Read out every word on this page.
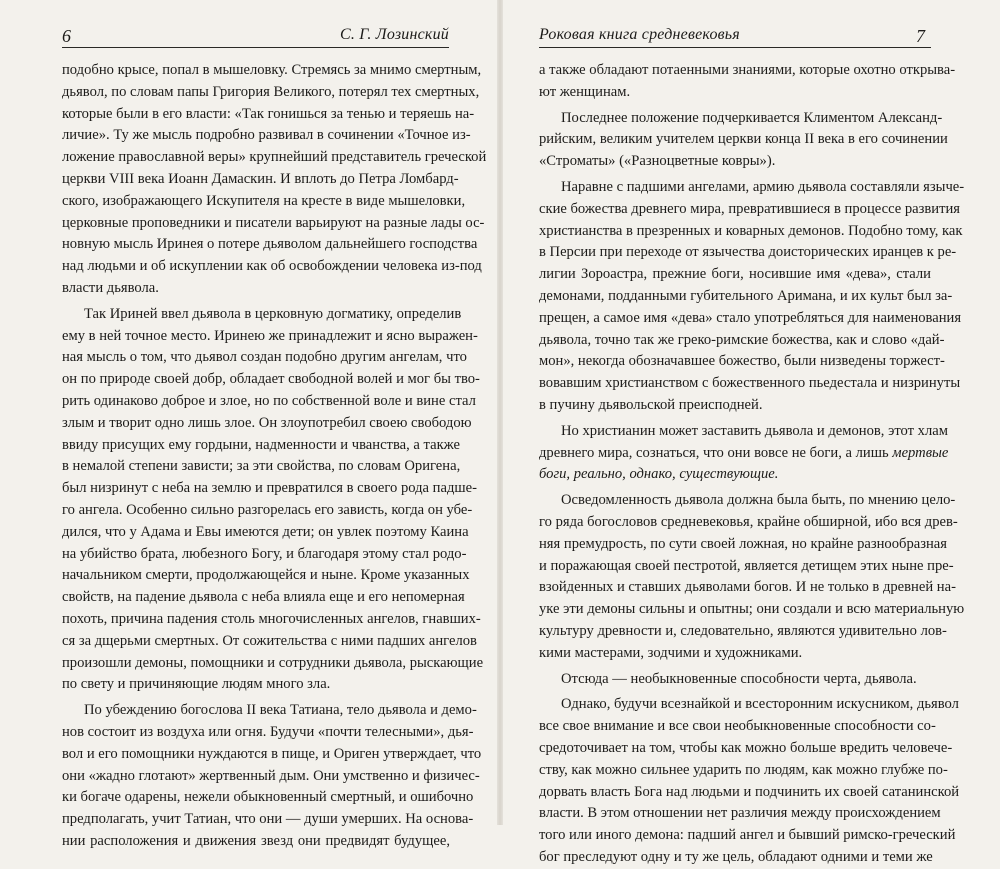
6	С. Г. Лозинский
подобно крысе, попал в мышеловку. Стремясь за мнимо смертным,
дьявол, по словам папы Григория Великого, потерял тех смертных,
которые были в его власти: «Так гонишься за тенью и теряешь на-
личие». Ту же мысль подробно развивал в сочинении «Точное из-
ложение православной веры» крупнейший представитель греческой
церкви VIII века Иоанн Дамаскин. И вплоть до Петра Ломбард-
ского, изображающего Искупителя на кресте в виде мышеловки,
церковные проповедники и писатели варьируют на разные лады ос-
новную мысль Иринея о потере дьяволом дальнейшего господства
над людьми и об искуплении как об освобождении человека из-под
власти дьявола.
Так Ириней ввел дьявола в церковную догматику, определив
ему в ней точное место. Иринею же принадлежит и ясно выражен-
ная мысль о том, что дьявол создан подобно другим ангелам, что
он по природе своей добр, обладает свободной волей и мог бы тво-
рить одинаково доброе и злое, но по собственной воле и вине стал
злым и творит одно лишь злое. Он злоупотребил своею свободою
ввиду присущих ему гордыни, надменности и чванства, а также
в немалой степени зависти; за эти свойства, по словам Оригена,
был низринут с неба на землю и превратился в своего рода падше-
го ангела. Особенно сильно разгорелась его зависть, когда он убе-
дился, что у Адама и Евы имеются дети; он увлек поэтому Каина
на убийство брата, любезного Богу, и благодаря этому стал родо-
начальником смерти, продолжающейся и ныне. Кроме указанных
свойств, на падение дьявола с неба влияла еще и его непомерная
похоть, причина падения столь многочисленных ангелов, гнавших-
ся за дщерьми смертных. От сожительства с ними падших ангелов
произошли демоны, помощники и сотрудники дьявола, рыскающие
по свету и причиняющие людям много зла.
По убеждению богослова II века Татиана, тело дьявола и демо-
нов состоит из воздуха или огня. Будучи «почти телесными», дья-
вол и его помощники нуждаются в пище, и Ориген утверждает, что
они «жадно глотают» жертвенный дым. Они умственно и физичес-
ки богаче одарены, нежели обыкновенный смертный, и ошибочно
предполагать, учит Татиан, что они — души умерших. На основа-
нии расположения и движения звезд они предвидят будущее,
Роковая книга средневековья	7
а также обладают потаенными знаниями, которые охотно открыва-
ют женщинам.
Последнее положение подчеркивается Климентом Александ-
рийским, великим учителем церкви конца II века в его сочинении
«Строматы» («Разноцветные ковры»).
Наравне с падшими ангелами, армию дьявола составляли языче-
ские божества древнего мира, превратившиеся в процессе развития
христианства в презренных и коварных демонов. Подобно тому, как
в Персии при переходе от язычества доисторических иранцев к ре-
лигии Зороастра, прежние боги, носившие имя «дева», стали
демонами, подданными губительного Аримана, и их культ был за-
прещен, а самое имя «дева» стало употребляться для наименования
дьявола, точно так же греко-римские божества, как и слово «дай-
мон», некогда обозначавшее божество, были низведены торжест-
вовавшим христианством с божественного пьедестала и низринуты
в пучину дьявольской преисподней.
Но христианин может заставить дьявола и демонов, этот хлам
древнего мира, сознаться, что они вовсе не боги, а лишь мертвые
боги, реально, однако, существующие.
Осведомленность дьявола должна была быть, по мнению цело-
го ряда богословов средневековья, крайне обширной, ибо вся древ-
няя премудрость, по сути своей ложная, но крайне разнообразная
и поражающая своей пестротой, является детищем этих ныне пре-
взойденных и ставших дьяволами богов. И не только в древней на-
уке эти демоны сильны и опытны; они создали и всю материальную
культуру древности и, следовательно, являются удивительно лов-
кими мастерами, зодчими и художниками.
Отсюда — необыкновенные способности черта, дьявола.
Однако, будучи всезнайкой и всесторонним искусником, дьявол
все свое внимание и все свои необыкновенные способности со-
средоточивает на том, чтобы как можно больше вредить человече-
ству, как можно сильнее ударить по людям, как можно глубже по-
дорвать власть Бога над людьми и подчинить их своей сатанинской
власти. В этом отношении нет различия между происхождением
того или иного демона: падший ангел и бывший римско-греческий
бог преследуют одну и ту же цель, обладают одними и теми же
